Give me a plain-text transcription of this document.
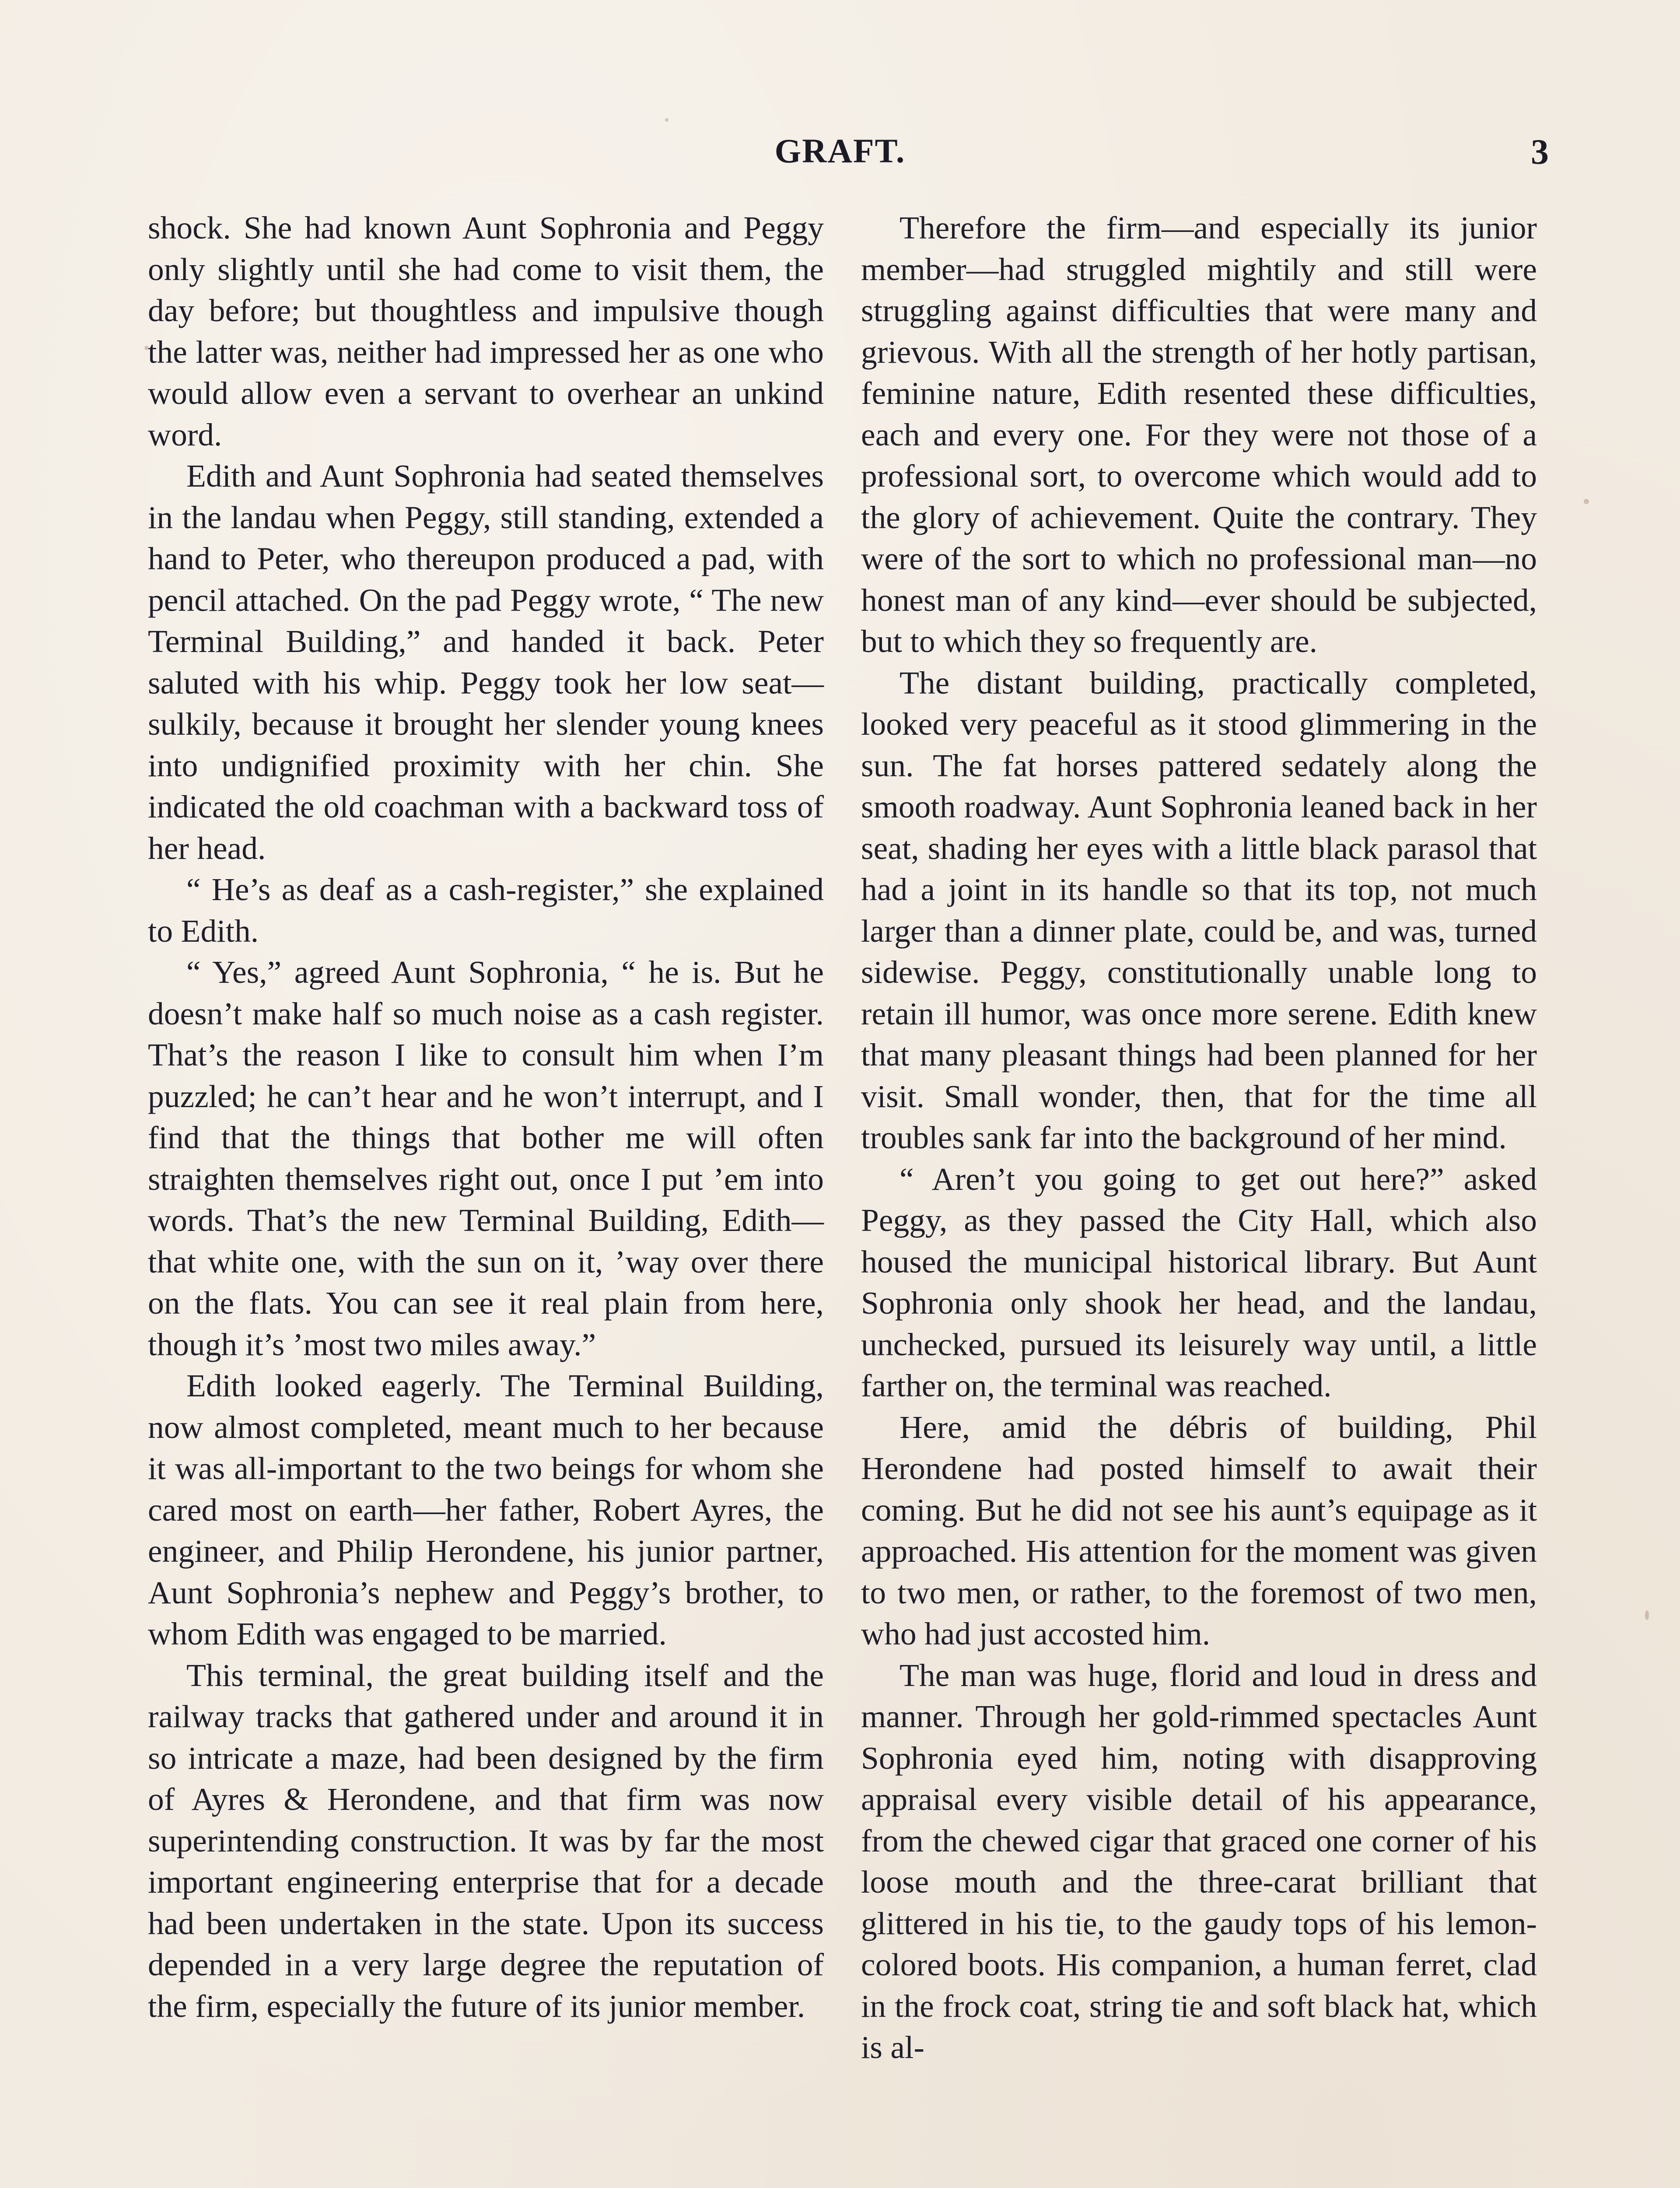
GRAFT.	3

shock. She had known Aunt Sophronia and Peggy only slightly until she had come to visit them, the day before; but thoughtless and impulsive though the latter was, neither had impressed her as one who would allow even a servant to overhear an unkind word.

Edith and Aunt Sophronia had seated themselves in the landau when Peggy, still standing, extended a hand to Peter, who thereupon produced a pad, with pencil attached. On the pad Peggy wrote, “ The new Terminal Building,” and handed it back. Peter saluted with his whip. Peggy took her low seat—sulkily, because it brought her slender young knees into undignified proximity with her chin. She indicated the old coachman with a backward toss of her head.

“ He’s as deaf as a cash-register,” she explained to Edith.

“ Yes,” agreed Aunt Sophronia, “ he is. But he doesn’t make half so much noise as a cash register. That’s the reason I like to consult him when I’m puzzled; he can’t hear and he won’t interrupt, and I find that the things that bother me will often straighten themselves right out, once I put ’em into words. That’s the new Terminal Building, Edith—that white one, with the sun on it, ’way over there on the flats. You can see it real plain from here, though it’s ’most two miles away.”

Edith looked eagerly. The Terminal Building, now almost completed, meant much to her because it was all-important to the two beings for whom she cared most on earth—her father, Robert Ayres, the engineer, and Philip Herondene, his junior partner, Aunt Sophronia’s nephew and Peggy’s brother, to whom Edith was engaged to be married.

This terminal, the great building itself and the railway tracks that gathered under and around it in so intricate a maze, had been designed by the firm of Ayres & Herondene, and that firm was now superintending construction. It was by far the most important engineering enterprise that for a decade had been undertaken in the state. Upon its success depended in a very large degree the reputation of the firm, especially the future of its junior member.

Therefore the firm—and especially its junior member—had struggled mightily and still were struggling against difficulties that were many and grievous. With all the strength of her hotly partisan, feminine nature, Edith resented these difficulties, each and every one. For they were not those of a professional sort, to overcome which would add to the glory of achievement. Quite the contrary. They were of the sort to which no professional man—no honest man of any kind—ever should be subjected, but to which they so frequently are.

The distant building, practically completed, looked very peaceful as it stood glimmering in the sun. The fat horses pattered sedately along the smooth roadway. Aunt Sophronia leaned back in her seat, shading her eyes with a little black parasol that had a joint in its handle so that its top, not much larger than a dinner plate, could be, and was, turned sidewise. Peggy, constitutionally unable long to retain ill humor, was once more serene. Edith knew that many pleasant things had been planned for her visit. Small wonder, then, that for the time all troubles sank far into the background of her mind.

“ Aren’t you going to get out here?” asked Peggy, as they passed the City Hall, which also housed the municipal historical library. But Aunt Sophronia only shook her head, and the landau, unchecked, pursued its leisurely way until, a little farther on, the terminal was reached.

Here, amid the débris of building, Phil Herondene had posted himself to await their coming. But he did not see his aunt’s equipage as it approached. His attention for the moment was given to two men, or rather, to the foremost of two men, who had just accosted him.

The man was huge, florid and loud in dress and manner. Through her gold-rimmed spectacles Aunt Sophronia eyed him, noting with disapproving appraisal every visible detail of his appearance, from the chewed cigar that graced one corner of his loose mouth and the three-carat brilliant that glittered in his tie, to the gaudy tops of his lemon-colored boots. His companion, a human ferret, clad in the frock coat, string tie and soft black hat, which is al-
